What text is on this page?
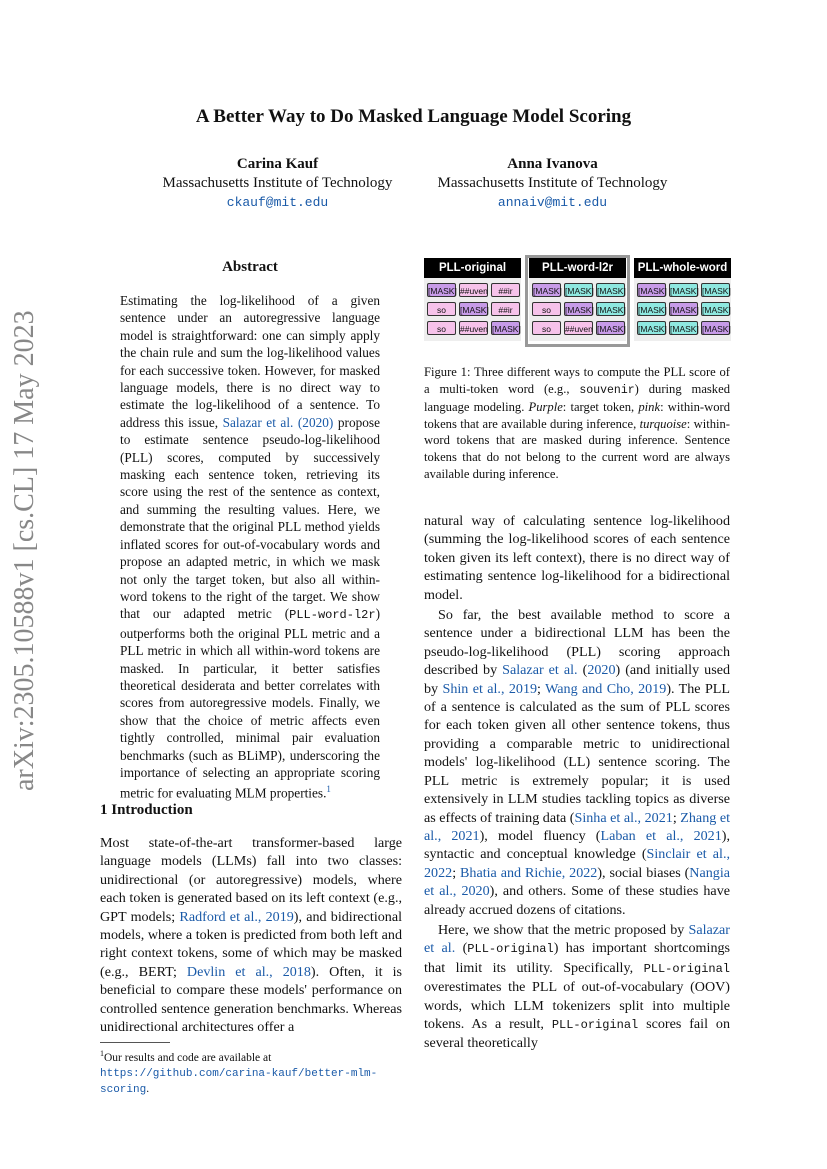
arXiv:2305.10588v1 [cs.CL] 17 May 2023
A Better Way to Do Masked Language Model Scoring
Carina Kauf
Massachusetts Institute of Technology
ckauf@mit.edu
Anna Ivanova
Massachusetts Institute of Technology
annaiv@mit.edu
Abstract
Estimating the log-likelihood of a given sentence under an autoregressive language model is straightforward: one can simply apply the chain rule and sum the log-likelihood values for each successive token. However, for masked language models, there is no direct way to estimate the log-likelihood of a sentence. To address this issue, Salazar et al. (2020) propose to estimate sentence pseudo-log-likelihood (PLL) scores, computed by successively masking each sentence token, retrieving its score using the rest of the sentence as context, and summing the resulting values. Here, we demonstrate that the original PLL method yields inflated scores for out-of-vocabulary words and propose an adapted metric, in which we mask not only the target token, but also all within-word tokens to the right of the target. We show that our adapted metric (PLL-word-l2r) outperforms both the original PLL metric and a PLL metric in which all within-word tokens are masked. In particular, it better satisfies theoretical desiderata and better correlates with scores from autoregressive models. Finally, we show that the choice of metric affects even tightly controlled, minimal pair evaluation benchmarks (such as BLiMP), underscoring the importance of selecting an appropriate scoring metric for evaluating MLM properties.$^1$
1 Introduction

Most state-of-the-art transformer-based large language models (LLMs) fall into two classes: unidirectional (or autoregressive) models, where each token is generated based on its left context (e.g., GPT models; Radford et al., 2019), and bidirectional models, where a token is predicted from both left and right context tokens, some of which may be masked (e.g., BERT; Devlin et al., 2018). Often, it is beneficial to compare these models' performance on controlled sentence generation benchmarks. Whereas unidirectional architectures offer a

$^1$Our results and code are available at https://github.com/carina-kauf/better-mlm-scoring.
PLL-original
[MASK] ##uven	##ir
so	[MASK]	##ir
so	##uven [MASK]
PLL-word-l2r
[MASK] [MASK] [MASK]
so	[MASK] [MASK]
so	##uven [MASK]
PLL-whole-word
[MASK] [MASK] [MASK]
[MASK] [MASK] [MASK]
[MASK] [MASK] [MASK]
Figure 1: Three different ways to compute the PLL score of a multi-token word (e.g., souvenir) during masked language modeling. Purple: target token, pink: within-word tokens that are available during inference, turquoise: within-word tokens that are masked during inference. Sentence tokens that do not belong to the current word are always available during inference.

natural way of calculating sentence log-likelihood (summing the log-likelihood scores of each sentence token given its left context), there is no direct way of estimating sentence log-likelihood for a bidirectional model.

So far, the best available method to score a sentence under a bidirectional LLM has been the pseudo-log-likelihood (PLL) scoring approach described by Salazar et al. (2020) (and initially used by Shin et al., 2019; Wang and Cho, 2019). The PLL of a sentence is calculated as the sum of PLL scores for each token given all other sentence tokens, thus providing a comparable metric to unidirectional models' log-likelihood (LL) sentence scoring. The PLL metric is extremely popular; it is used extensively in LLM studies tackling topics as diverse as effects of training data (Sinha et al., 2021; Zhang et al., 2021), model fluency (Laban et al., 2021), syntactic and conceptual knowledge (Sinclair et al., 2022; Bhatia and Richie, 2022), social biases (Nangia et al., 2020), and others. Some of these studies have already accrued dozens of citations.

Here, we show that the metric proposed by Salazar et al. (PLL-original) has important shortcomings that limit its utility. Specifically, PLL-original overestimates the PLL of out-of-vocabulary (OOV) words, which LLM tokenizers split into multiple tokens. As a result, PLL-original scores fail on several theoretically
